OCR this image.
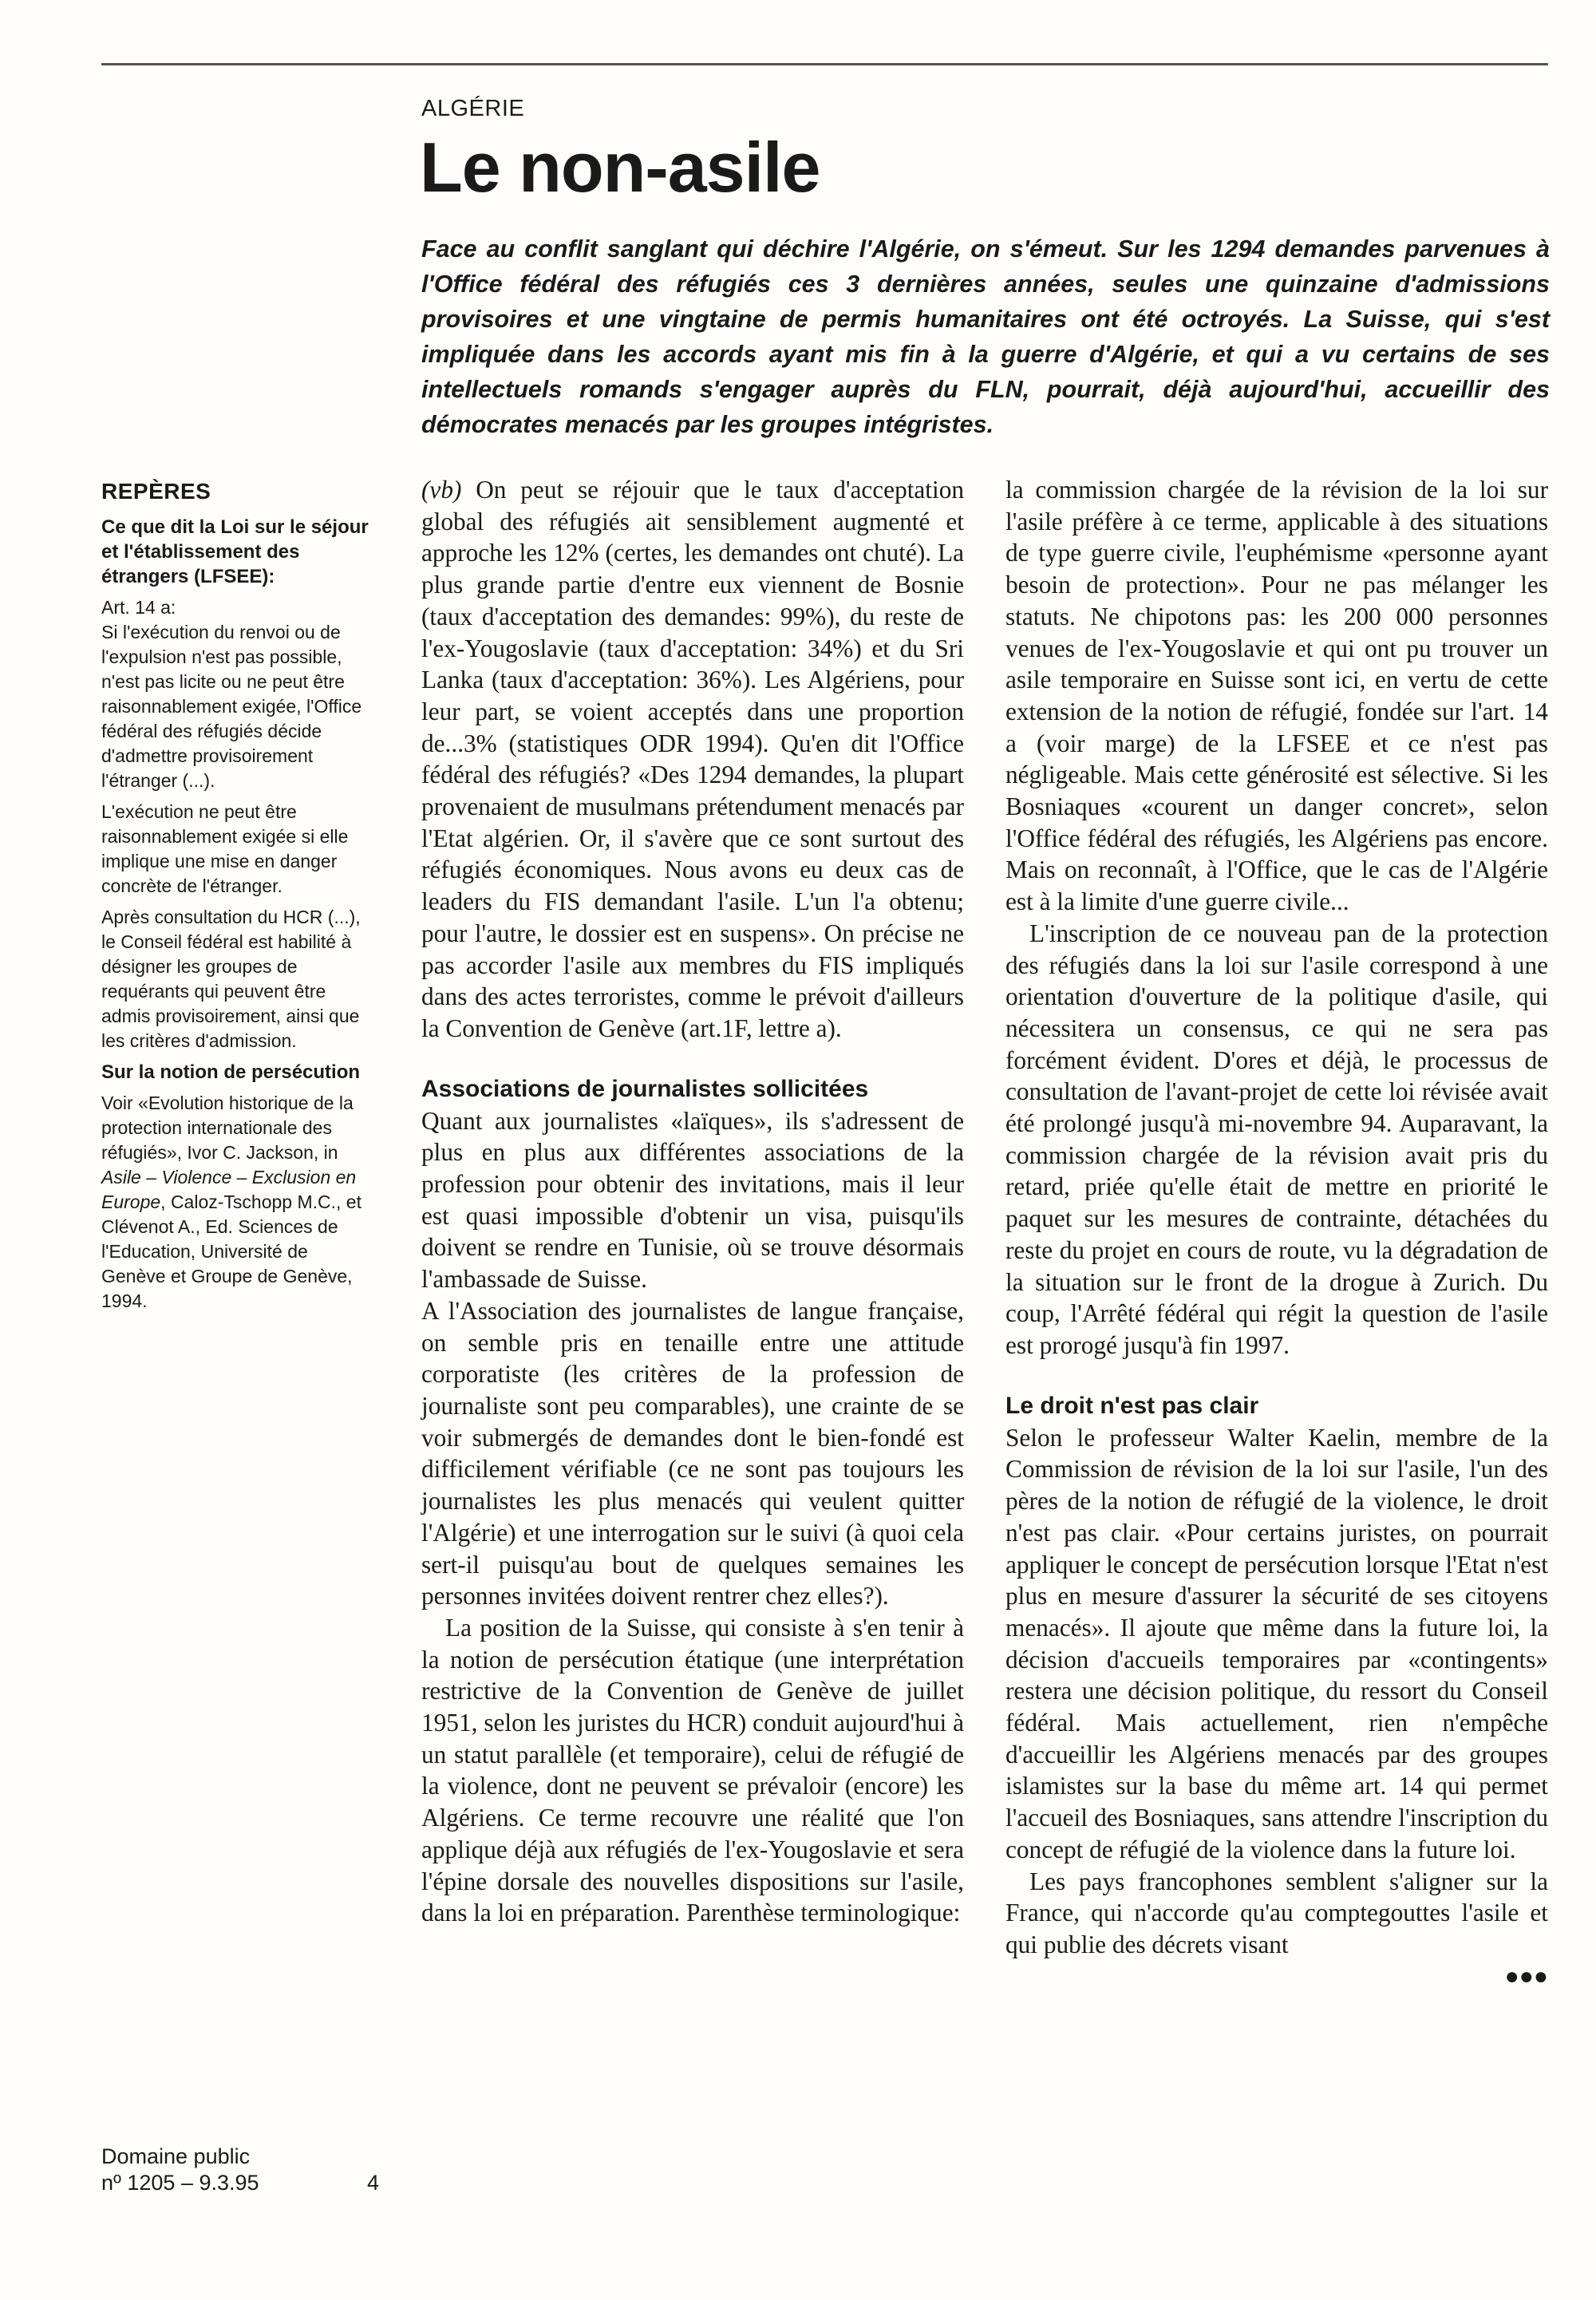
ALGÉRIE
Le non-asile

Face au conflit sanglant qui déchire l'Algérie, on s'émeut. Sur les 1294 demandes parvenues à l'Office fédéral des réfugiés ces 3 dernières années, seules une quinzaine d'admissions provisoires et une vingtaine de permis humanitaires ont été octroyés. La Suisse, qui s'est impliquée dans les accords ayant mis fin à la guerre d'Algérie, et qui a vu certains de ses intellectuels romands s'engager auprès du FLN, pourrait, déjà aujourd'hui, accueillir des démocrates menacés par les groupes intégristes.

REPÈRES
Ce que dit la Loi sur le séjour et l'établissement des étrangers (LFSEE):

Art. 14 a:

Si l'exécution du renvoi ou de l'expulsion n'est pas possible, n'est pas licite ou ne peut être raisonnablement exigée, l'Office fédéral des réfugiés décide d'admettre provisoirement l'étranger (...).

L'exécution ne peut être raisonnablement exigée si elle implique une mise en danger concrète de l'étranger.

Après consultation du HCR (...), le Conseil fédéral est habilité à désigner les groupes de requérants qui peuvent être admis provisoirement, ainsi que les critères d'admission.

Sur la notion de persécution

Voir «Evolution historique de la protection internationale des réfugiés», Ivor C. Jackson, in Asile – Violence – Exclusion en Europe, Caloz-Tschopp M.C., et Clévenot A., Ed. Sciences de l'Education, Université de Genève et Groupe de Genève, 1994.

Domaine public
nº 1205 – 9.3.95	4

(vb) On peut se réjouir que le taux d'acceptation global des réfugiés ait sensiblement augmenté et approche les 12% (certes, les demandes ont chuté). La plus grande partie d'entre eux viennent de Bosnie (taux d'acceptation des demandes: 99%), du reste de l'ex-Yougoslavie (taux d'acceptation: 34%) et du Sri Lanka (taux d'acceptation: 36%). Les Algériens, pour leur part, se voient acceptés dans une proportion de...3% (statistiques ODR 1994). Qu'en dit l'Office fédéral des réfugiés? «Des 1294 demandes, la plupart provenaient de musulmans prétendument menacés par l'Etat algérien. Or, il s'avère que ce sont surtout des réfugiés économiques. Nous avons eu deux cas de leaders du FIS demandant l'asile. L'un l'a obtenu; pour l'autre, le dossier est en suspens». On précise ne pas accorder l'asile aux membres du FIS impliqués dans des actes terroristes, comme le prévoit d'ailleurs la Convention de Genève (art.1F, lettre a).

Associations de journalistes sollicitées

Quant aux journalistes «laïques», ils s'adressent de plus en plus aux différentes associations de la profession pour obtenir des invitations, mais il leur est quasi impossible d'obtenir un visa, puisqu'ils doivent se rendre en Tunisie, où se trouve désormais l'ambassade de Suisse.

A l'Association des journalistes de langue française, on semble pris en tenaille entre une attitude corporatiste (les critères de la profession de journaliste sont peu comparables), une crainte de se voir submergés de demandes dont le bien-fondé est difficilement vérifiable (ce ne sont pas toujours les journalistes les plus menacés qui veulent quitter l'Algérie) et une interrogation sur le suivi (à quoi cela sert-il puisqu'au bout de quelques semaines les personnes invitées doivent rentrer chez elles?).

La position de la Suisse, qui consiste à s'en tenir à la notion de persécution étatique (une interprétation restrictive de la Convention de Genève de juillet 1951, selon les juristes du HCR) conduit aujourd'hui à un statut parallèle (et temporaire), celui de réfugié de la violence, dont ne peuvent se prévaloir (encore) les Algériens. Ce terme recouvre une réalité que l'on applique déjà aux réfugiés de l'ex-Yougoslavie et sera l'épine dorsale des nouvelles dispositions sur l'asile, dans la loi en préparation. Parenthèse terminologique:

la commission chargée de la révision de la loi sur l'asile préfère à ce terme, applicable à des situations de type guerre civile, l'euphémisme «personne ayant besoin de protection». Pour ne pas mélanger les statuts. Ne chipotons pas: les 200 000 personnes venues de l'ex-Yougoslavie et qui ont pu trouver un asile temporaire en Suisse sont ici, en vertu de cette extension de la notion de réfugié, fondée sur l'art. 14 a (voir marge) de la LFSEE et ce n'est pas négligeable. Mais cette générosité est sélective. Si les Bosniaques «courent un danger concret», selon l'Office fédéral des réfugiés, les Algériens pas encore. Mais on reconnaît, à l'Office, que le cas de l'Algérie est à la limite d'une guerre civile...

L'inscription de ce nouveau pan de la protection des réfugiés dans la loi sur l'asile correspond à une orientation d'ouverture de la politique d'asile, qui nécessitera un consensus, ce qui ne sera pas forcément évident. D'ores et déjà, le processus de consultation de l'avant-projet de cette loi révisée avait été prolongé jusqu'à mi-novembre 94. Auparavant, la commission chargée de la révision avait pris du retard, priée qu'elle était de mettre en priorité le paquet sur les mesures de contrainte, détachées du reste du projet en cours de route, vu la dégradation de la situation sur le front de la drogue à Zurich. Du coup, l'Arrêté fédéral qui régit la question de l'asile est prorogé jusqu'à fin 1997.

Le droit n'est pas clair

Selon le professeur Walter Kaelin, membre de la Commission de révision de la loi sur l'asile, l'un des pères de la notion de réfugié de la violence, le droit n'est pas clair. «Pour certains juristes, on pourrait appliquer le concept de persécution lorsque l'Etat n'est plus en mesure d'assurer la sécurité de ses citoyens menacés». Il ajoute que même dans la future loi, la décision d'accueils temporaires par «contingents» restera une décision politique, du ressort du Conseil fédéral. Mais actuellement, rien n'empêche d'accueillir les Algériens menacés par des groupes islamistes sur la base du même art. 14 qui permet l'accueil des Bosniaques, sans attendre l'inscription du concept de réfugié de la violence dans la future loi.

Les pays francophones semblent s'aligner sur la France, qui n'accorde qu'au comptegouttes l'asile et qui publie des décrets visant

●●●
